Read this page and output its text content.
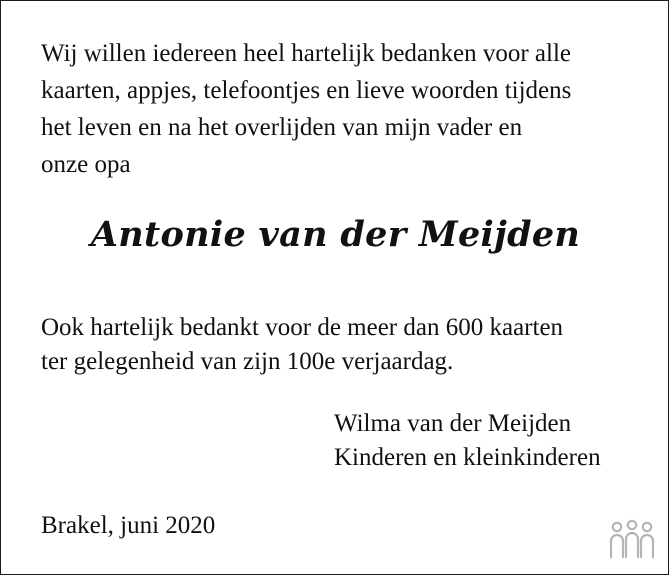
Wij willen iedereen heel hartelijk bedanken voor alle
kaarten, appjes, telefoontjes en lieve woorden tijdens
het leven en na het overlijden van mijn vader en
onze opa

Antonie van der Meijden

Ook hartelijk bedankt voor de meer dan 600 kaarten
ter gelegenheid van zijn 100e verjaardag.

Wilma van der Meijden
Kinderen en kleinkinderen

Brakel, juni 2020
